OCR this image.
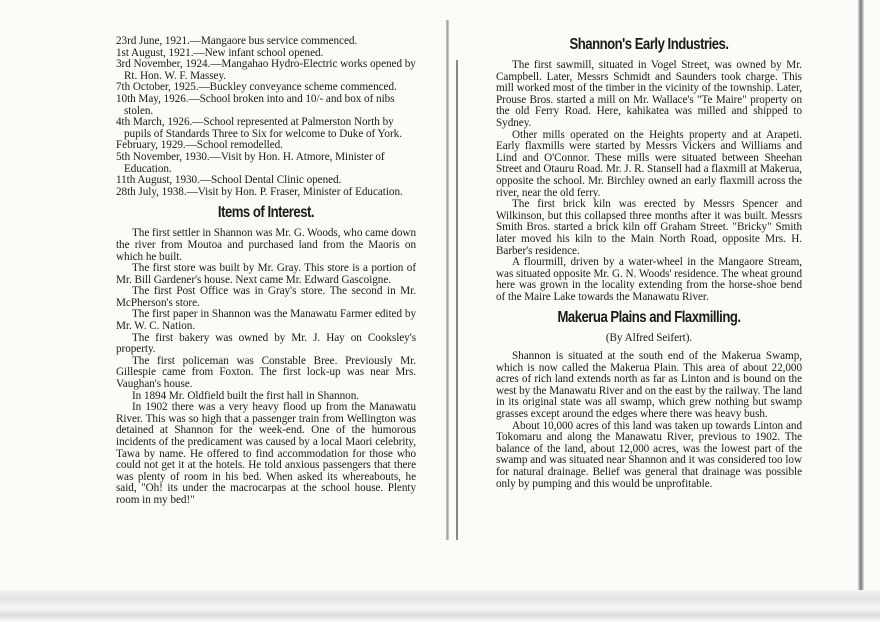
23rd June, 1921.—Mangaore bus service commenced.

1st August, 1921.—New infant school opened.

3rd November, 1924.—Mangahao Hydro-Electric works opened by Rt. Hon. W. F. Massey.

7th October, 1925.—Buckley conveyance scheme commenced.

10th May, 1926.—School broken into and 10/- and box of nibs stolen.

4th March, 1926.—School represented at Palmerston North by pupils of Standards Three to Six for welcome to Duke of York.

February, 1929.—School remodelled.

5th November, 1930.—Visit by Hon. H. Atmore, Minister of Education.

11th August, 1930.—School Dental Clinic opened.

28th July, 1938.—Visit by Hon. P. Fraser, Minister of Education.

Items of Interest.

The first settler in Shannon was Mr. G. Woods, who came down the river from Moutoa and purchased land from the Maoris on which he built.

The first store was built by Mr. Gray. This store is a portion of Mr. Bill Gardener's house. Next came Mr. Edward Gascoigne.

The first Post Office was in Gray's store. The second in Mr. McPherson's store.

The first paper in Shannon was the Manawatu Farmer edited by Mr. W. C. Nation.

The first bakery was owned by Mr. J. Hay on Cooksley's property.

The first policeman was Constable Bree. Previously Mr. Gillespie came from Foxton. The first lock-up was near Mrs. Vaughan's house.

In 1894 Mr. Oldfield built the first hall in Shannon.

In 1902 there was a very heavy flood up from the Manawatu River. This was so high that a passenger train from Wellington was detained at Shannon for the week-end. One of the humorous incidents of the predicament was caused by a local Maori celebrity, Tawa by name. He offered to find accommodation for those who could not get it at the hotels. He told anxious passengers that there was plenty of room in his bed. When asked its whereabouts, he said, "Oh! its under the macrocarpas at the school house. Plenty room in my bed!"

Shannon's Early Industries.

The first sawmill, situated in Vogel Street, was owned by Mr. Campbell. Later, Messrs Schmidt and Saunders took charge. This mill worked most of the timber in the vicinity of the township. Later, Prouse Bros. started a mill on Mr. Wallace's "Te Maire" property on the old Ferry Road. Here, kahikatea was milled and shipped to Sydney.

Other mills operated on the Heights property and at Arapeti. Early flaxmills were started by Messrs Vickers and Williams and Lind and O'Connor. These mills were situated between Sheehan Street and Otauru Road. Mr. J. R. Stansell had a flaxmill at Makerua, opposite the school. Mr. Birchley owned an early flaxmill across the river, near the old ferry.

The first brick kiln was erected by Messrs Spencer and Wilkinson, but this collapsed three months after it was built. Messrs Smith Bros. started a brick kiln off Graham Street. "Bricky" Smith later moved his kiln to the Main North Road, opposite Mrs. H. Barber's residence.

A flourmill, driven by a water-wheel in the Mangaore Stream, was situated opposite Mr. G. N. Woods' residence. The wheat ground here was grown in the locality extending from the horse-shoe bend of the Maire Lake towards the Manawatu River.

Makerua Plains and Flaxmilling.
(By Alfred Seifert).

Shannon is situated at the south end of the Makerua Swamp, which is now called the Makerua Plain. This area of about 22,000 acres of rich land extends north as far as Linton and is bound on the west by the Manawatu River and on the east by the railway. The land in its original state was all swamp, which grew nothing but swamp grasses except around the edges where there was heavy bush.

About 10,000 acres of this land was taken up towards Linton and Tokomaru and along the Manawatu River, previous to 1902. The balance of the land, about 12,000 acres, was the lowest part of the swamp and was situated near Shannon and it was considered too low for natural drainage. Belief was general that drainage was possible only by pumping and this would be unprofitable.
